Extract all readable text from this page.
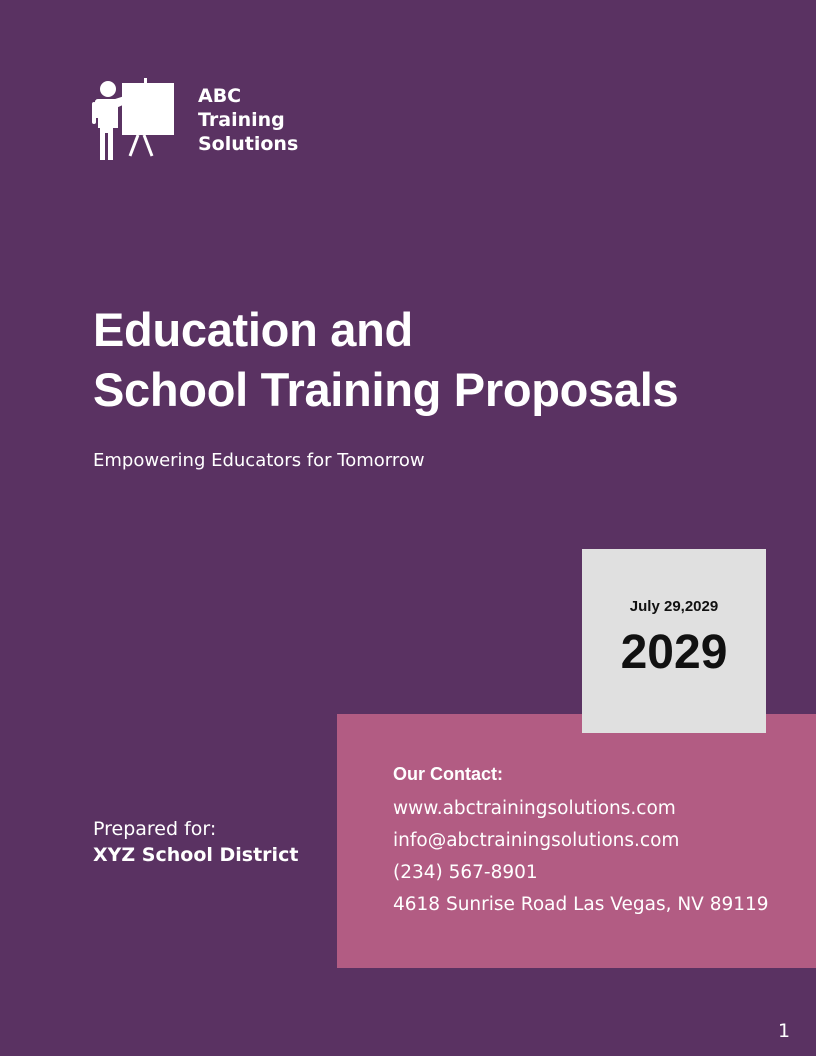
ABC
Training
Solutions
Education and
School Training Proposals
Empowering Educators for Tomorrow
July 29,2029
2029
Our Contact:
www.abctrainingsolutions.com
info@abctrainingsolutions.com
(234) 567-8901
4618 Sunrise Road Las Vegas, NV 89119
Prepared for:
XYZ School District
1
